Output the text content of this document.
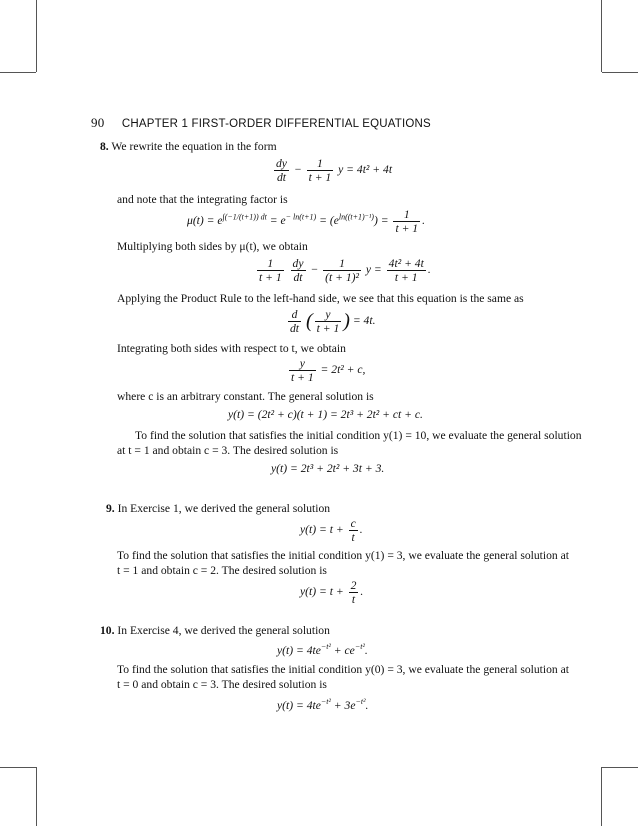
90 CHAPTER 1 FIRST-ORDER DIFFERENTIAL EQUATIONS
8. We rewrite the equation in the form
$\frac{dy}{dt} - \frac{1}{t + 1}$ y = 4t² + 4t
and note that the integrating factor is
$\mu(t) = e^{\int(-1/(t+1)) dt} = e^{- ln(t+1)} = (e^{ln((t+1)^{-1})}) = \frac{1}{t + 1}$ .
Multiplying both sides by μ(t), we obtain
$\frac{1}{t + 1}$
$\frac{dy}{dt} - \frac{1}{\text{(t + 1)²}}$ $y = \frac{\text{4t² + 4t}}{t + 1}$ .
Applying the Product Rule to the left-hand side, we see that this equation is the same as
$\frac{d}{dt}$ ( $\frac{y}{t + 1}$ ) = 4t.
Integrating both sides with respect to t, we obtain
$\frac{y}{t + 1} = 2t^2 + c$,
where c is an arbitrary constant. The general solution is
y(t) = (2t² + c)(t + 1) = 2t³ + 2t² + ct + c.
To find the solution that satisfies the initial condition y(1) = 10, we evaluate the general solution
at t = 1 and obtain c = 3. The desired solution is
y(t) = 2t³ + 2t² + 3t + 3.
9. In Exercise 1, we derived the general solution
$y(t) = t + \frac{c}{t}$ .
To find the solution that satisfies the initial condition y(1) = 3, we evaluate the general solution at
t = 1 and obtain c = 2. The desired solution is
$y(t) = t + \frac{2}{t}$ .
10. In Exercise 4, we derived the general solution
$y(t) = 4te^{-t^2} + ce^{-t^2}$.
To find the solution that satisfies the initial condition y(0) = 3, we evaluate the general solution at
t = 0 and obtain c = 3. The desired solution is
$y(t) = 4te^{-t^2} + 3e^{-t^2}$.
